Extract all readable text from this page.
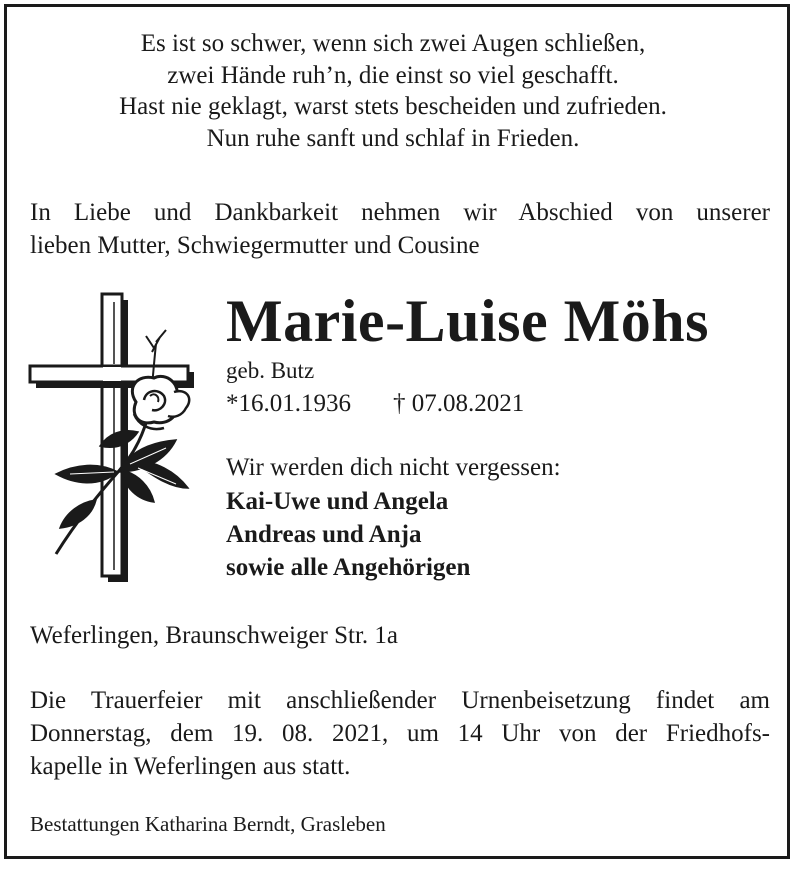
Es ist so schwer, wenn sich zwei Augen schließen,
zwei Hände ruh’n, die einst so viel geschafft.
Hast nie geklagt, warst stets bescheiden und zufrieden.
Nun ruhe sanft und schlaf in Frieden.
In Liebe und Dankbarkeit nehmen wir Abschied von unserer
lieben Mutter, Schwiegermutter und Cousine
Marie-Luise Möhs
geb. Butz
*16.01.1936 † 07.08.2021
Wir werden dich nicht vergessen:
Kai-Uwe und Angela
Andreas und Anja
sowie alle Angehörigen
Weferlingen, Braunschweiger Str. 1a
Die Trauerfeier mit anschließender Urnenbeisetzung findet am
Donnerstag, dem 19. 08. 2021, um 14 Uhr von der Friedhofs-
kapelle in Weferlingen aus statt.
Bestattungen Katharina Berndt, Grasleben
